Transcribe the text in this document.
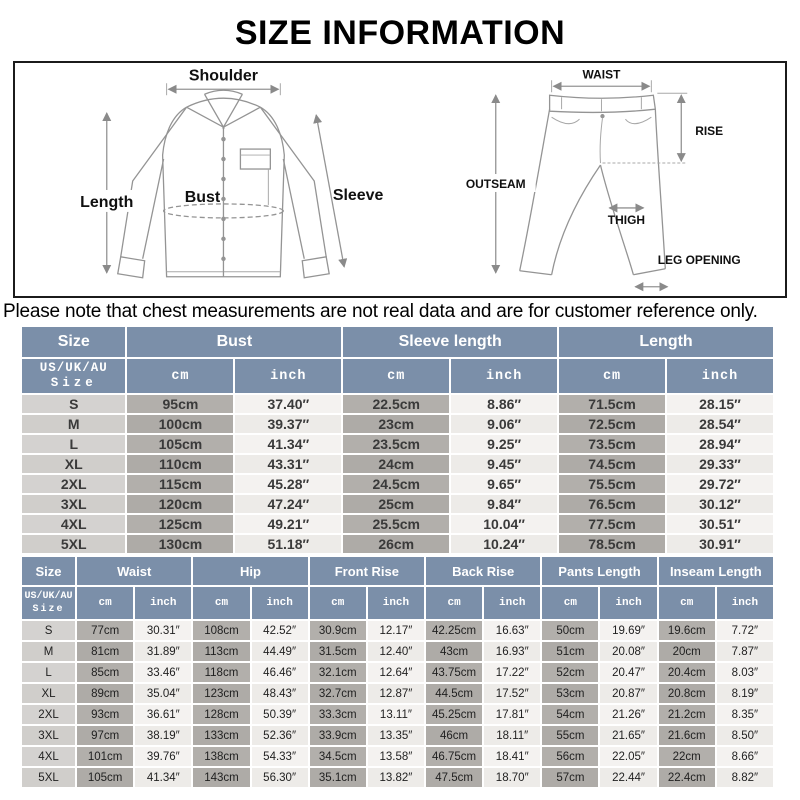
SIZE INFORMATION
Shoulder
Length	Bust	Sleeve
WAIST
RISE
OUTSEAM
THIGH
LEG OPENING
Please note that chest measurements are not real data and are for customer reference only.
Size	Bust		Sleeve length		Length	

US/UK/AU
Size	cm	inch	cm	inch	cm	inch
S	95cm	37.40″	22.5cm	8.86″	71.5cm	28.15″
M	100cm	39.37″	23cm	9.06″	72.5cm	28.54″
L	105cm	41.34″	23.5cm	9.25″	73.5cm	28.94″
XL	110cm	43.31″	24cm	9.45″	74.5cm	29.33″
2XL	115cm	45.28″	24.5cm	9.65″	75.5cm	29.72″
3XL	120cm	47.24″	25cm	9.84″	76.5cm	30.12″
4XL	125cm	49.21″	25.5cm	10.04″	77.5cm	30.51″
5XL	130cm	51.18″	26cm	10.24″	78.5cm	30.91″
Size	Waist		Hip		Front Rise		Back Rise		Pants Length		Inseam Length	

US/UK/AU
Size	cm	inch	cm	inch	cm	inch	cm	inch	cm	inch	cm	inch
S	77cm	30.31″	108cm	42.52″	30.9cm	12.17″	42.25cm	16.63″	50cm	19.69″	19.6cm	7.72″
M	81cm	31.89″	113cm	44.49″	31.5cm	12.40″	43cm	16.93″	51cm	20.08″	20cm	7.87″
L	85cm	33.46″	118cm	46.46″	32.1cm	12.64″	43.75cm	17.22″	52cm	20.47″	20.4cm	8.03″
XL	89cm	35.04″	123cm	48.43″	32.7cm	12.87″	44.5cm	17.52″	53cm	20.87″	20.8cm	8.19″
2XL	93cm	36.61″	128cm	50.39″	33.3cm	13.11″	45.25cm	17.81″	54cm	21.26″	21.2cm	8.35″
3XL	97cm	38.19″	133cm	52.36″	33.9cm	13.35″	46cm	18.11″	55cm	21.65″	21.6cm	8.50″
4XL	101cm	39.76″	138cm	54.33″	34.5cm	13.58″	46.75cm	18.41″	56cm	22.05″	22cm	8.66″
5XL	105cm	41.34″	143cm	56.30″	35.1cm	13.82″	47.5cm	18.70″	57cm	22.44″	22.4cm	8.82″
